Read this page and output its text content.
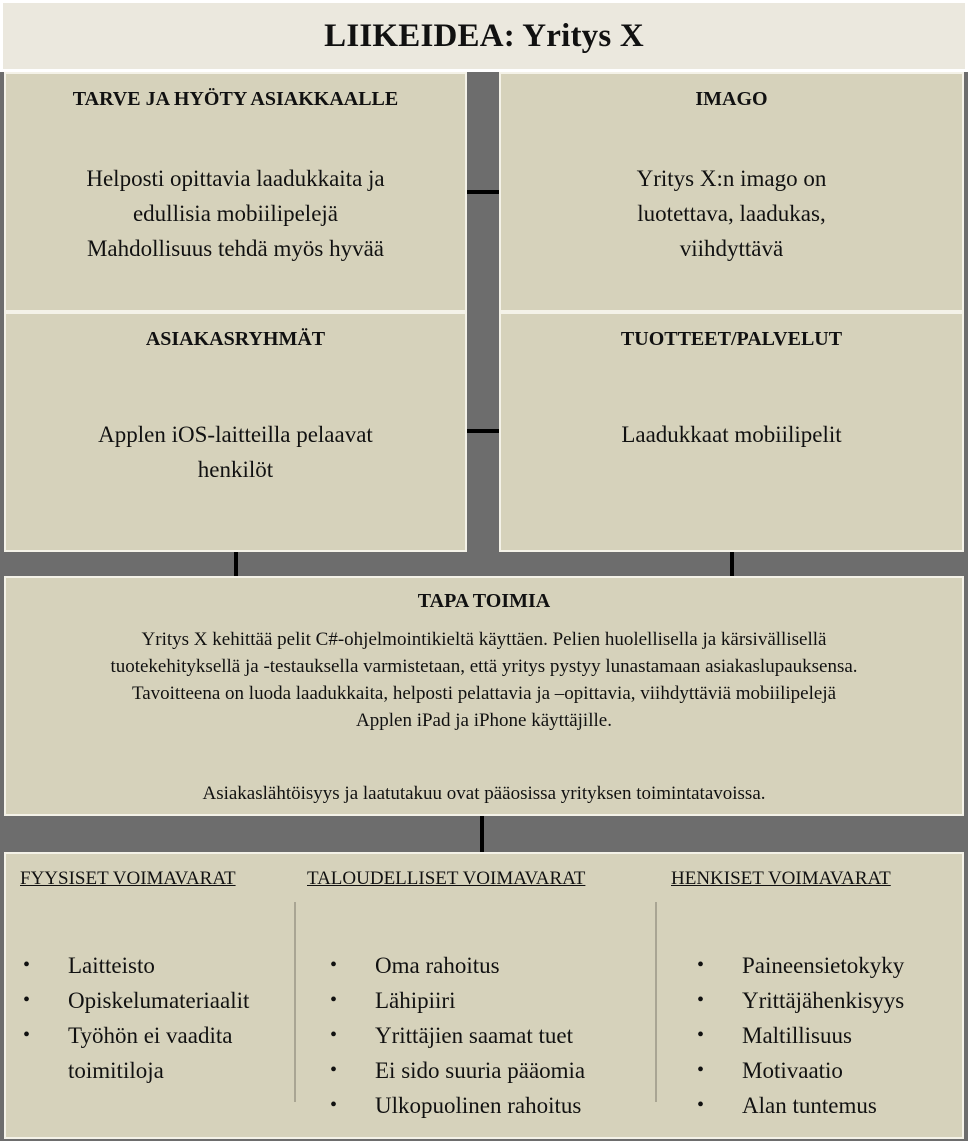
LIIKEIDEA: Yritys X
TARVE JA HYÖTY ASIAKKAALLE
Helposti opittavia laadukkaita ja
edullisia mobiilipelejä
Mahdollisuus tehdä myös hyvää
IMAGO
Yritys X:n imago on
luotettava, laadukas,
viihdyttävä
ASIAKASRYHMÄT
Applen iOS-laitteilla pelaavat
henkilöt
TUOTTEET/PALVELUT
Laadukkaat mobiilipelit
TAPA TOIMIA
Yritys X kehittää pelit C#-ohjelmointikieltä käyttäen. Pelien huolellisella ja kärsivällisellä
tuotekehityksellä ja -testauksella varmistetaan, että yritys pystyy lunastamaan asiakaslupauksensa.
Tavoitteena on luoda laadukkaita, helposti pelattavia ja –opittavia, viihdyttäviä mobiilipelejä
Applen iPad ja iPhone käyttäjille.
Asiakaslähtöisyys ja laatutakuu ovat pääosissa yrityksen toimintatavoissa.
FYYSISET VOIMAVARAT
• Laitteisto
• Opiskelumateriaalit
• Työhön ei vaadita
toimitiloja
TALOUDELLISET VOIMAVARAT
• Oma rahoitus
• Lähipiiri
• Yrittäjien saamat tuet
• Ei sido suuria pääomia
• Ulkopuolinen rahoitus
HENKISET VOIMAVARAT
• Paineensietokyky
• Yrittäjähenkisyys
• Maltillisuus
• Motivaatio
• Alan tuntemus
